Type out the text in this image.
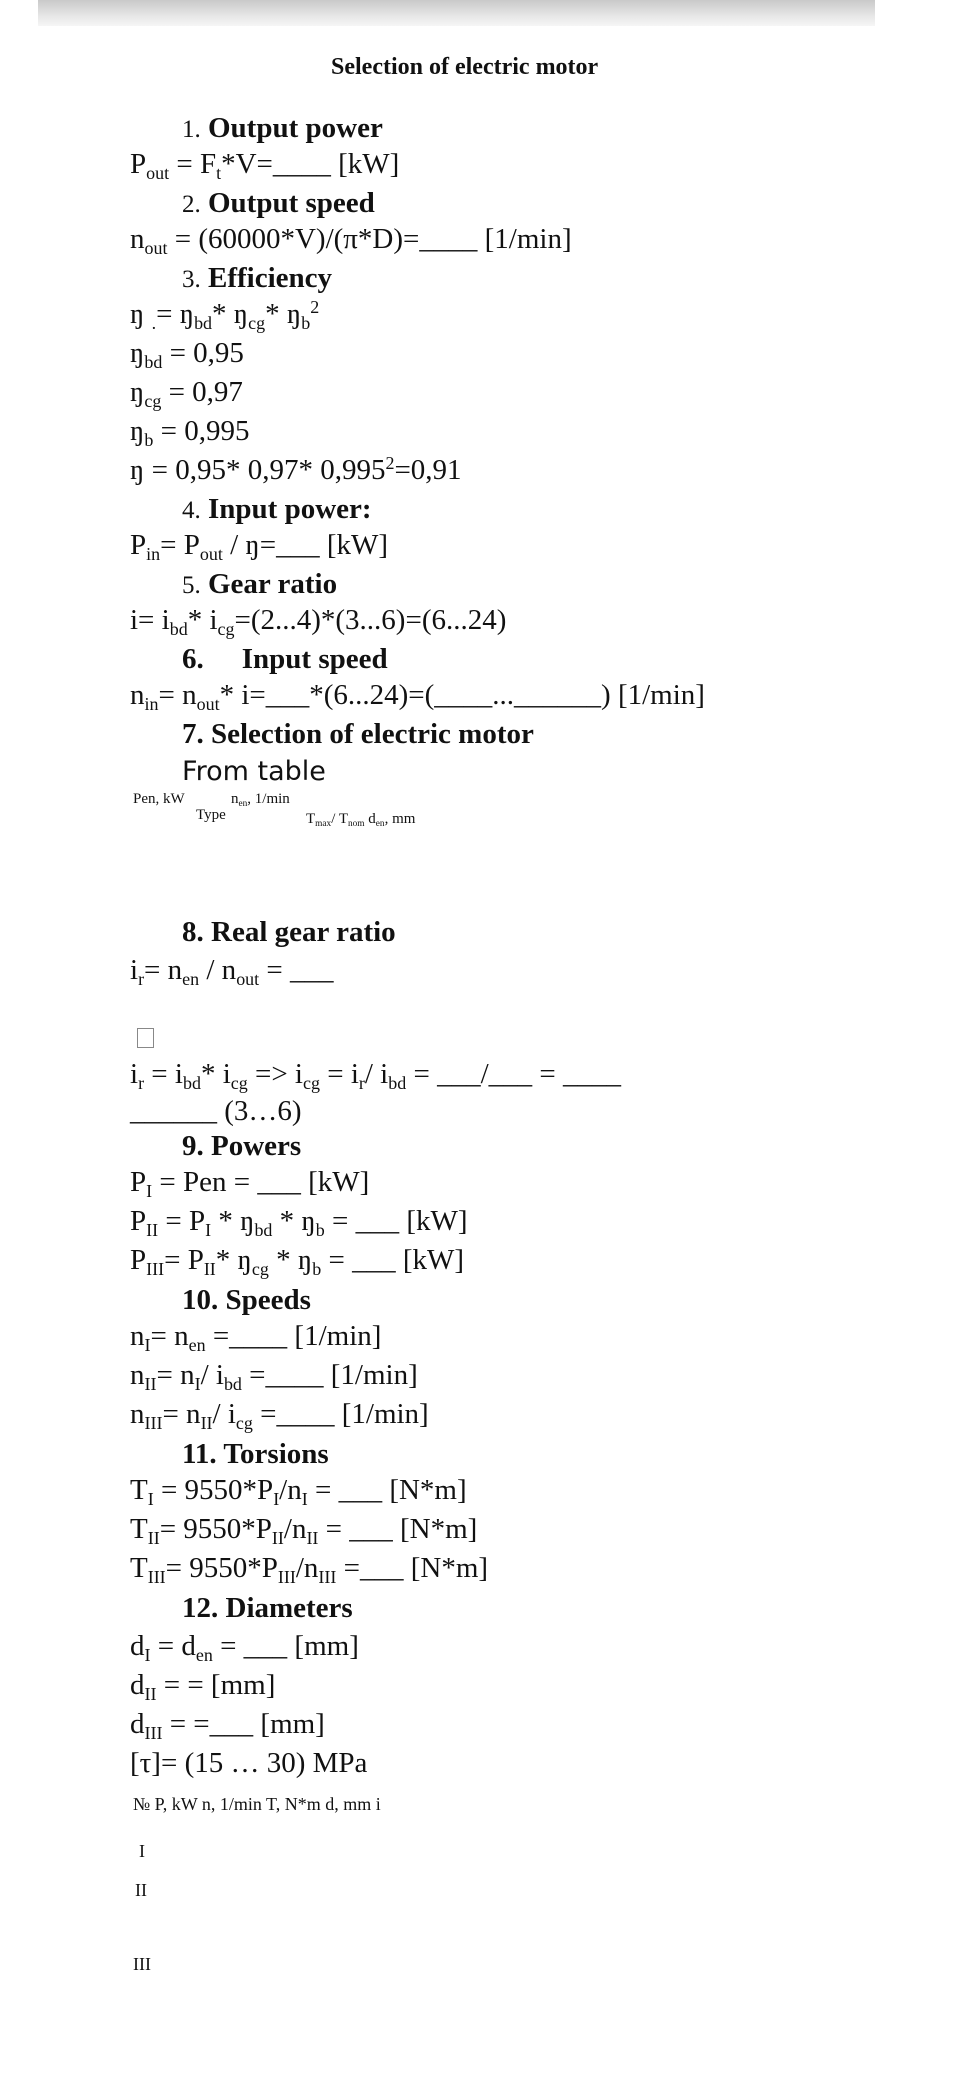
Selection of electric motor
1. Output power
$P_{out}$ = $F_t*V=\_\_\_\_$ [kW]
2. Output speed
$n_{out}$ = (60000*V)/(π*D)=____ [1/min]
3. Efficiency
ŋ $_.= ŋ_{bd}*$ $ŋ_{cg}*$ $ŋ_b^2$
$ŋ_{bd} = 0,95$
$ŋ_{cg} = 0,97$
$ŋ_b = 0,995$
ŋ = 0,95* 0,97* $0,995^2=0,91$
4. Input power:
$P_{in}= P_{out}$ / ŋ=___ [kW]
5. Gear ratio
$i= i_{bd}*$ $i_{cg}=(2...4)*(3...6)=(6...24)$
6. Input speed
$n_{in}= n_{out}*$ i=___*(6...24)=(____...______) [1/min]
7. Selection of electric motor
From table
Pen, kW
Type
$n_{en}$, 1/min
$T_{max}/$ $T_{nom}$ $d_{en}$, mm
8. Real gear ratio
$i_r= n_{en} / n_{out}$ = ___
$i_r = i_{bd}*$ $i_{cg} => i_{cg} = i_r/$ $i_{bd}$ = ___/___ = ____
______ (3…6)
9. Powers
$P_I$ = Pen = ___ [kW]
$P_{II} = P_I$ * $ŋ_{bd}$ * $ŋ_b$ = ___ [kW]
$P_{III}= P_{II}*$ $ŋ_{cg}$ * $ŋ_b$ = ___ [kW]
10. Speeds
$n_I= n_{en}$ =____ [1/min]
$n_{II}= n_I/$ $i_{bd}$ =____ [1/min]
$n_{III}= n_{II}/$ $i_{cg}$ =____ [1/min]
11. Torsions
$T_I = 9550*P_I/n_I$ = ___ [N*m]
$T_{II}= 9550*P_{II}/n_{II}$ = ___ [N*m]
$T_{III}= 9550*P_{III}/n_{III}$ =___ [N*m]
12. Diameters
$d_I = d_{en}$ = ___ [mm]
$d_{II}$ = = [mm]
$d_{III}$ = =___ [mm]
[τ]= (15 … 30) MPa
№ P, kW n, 1/min T, N*m d, mm i
I
II
III
